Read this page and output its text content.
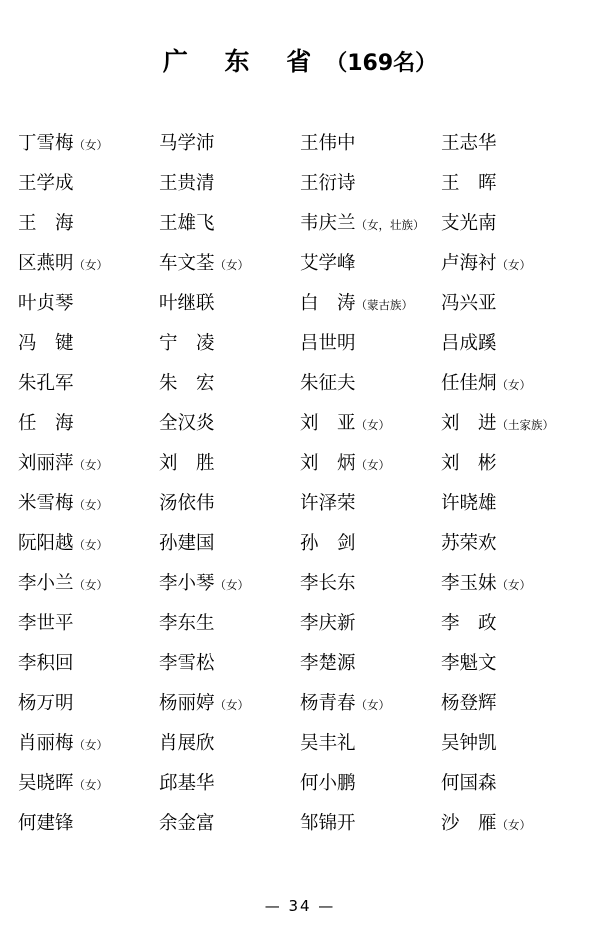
广 东 省（169名）
丁雪梅（女）	马学沛	王伟中	王志华
王学成	王贵清	王衍诗	王　晖
王　海	王雄飞	韦庆兰（女，壮族） 支光南
区燕明（女）	车文荃（女）	艾学峰	卢海衬（女）
叶贞琴	叶继联	白　涛（蒙古族）	冯兴亚
冯　键	宁　凌	吕世明	吕成蹊
朱孔军	朱　宏	朱征夫	任佳烔（女）
任　海	全汉炎	刘　亚（女）	刘　进（土家族）
刘丽萍（女）	刘　胜	刘　炳（女）	刘　彬
米雪梅（女）	汤依伟	许泽荣	许晓雄
阮阳越（女）	孙建国	孙　剑	苏荣欢
李小兰（女）	李小琴（女）	李长东	李玉妹（女）
李世平	李东生	李庆新	李　政
李积回	李雪松	李楚源	李魁文
杨万明	杨丽婷（女）	杨青春（女）	杨登辉
肖丽梅（女）	肖展欣	吴丰礼	吴钟凯
吴晓晖（女）	邱基华	何小鹏	何国森
何建锋	余金富	邹锦开	沙　雁（女）
— 34 —
